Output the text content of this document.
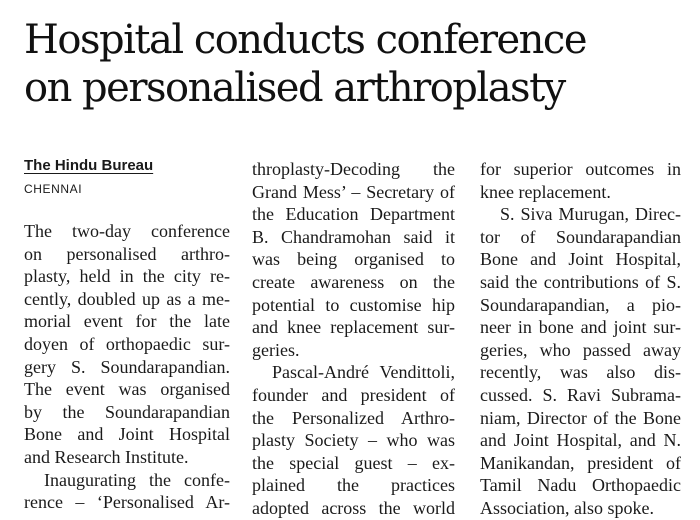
Hospital conducts conference
on personalised arthroplasty
The Hindu Bureau
CHENNAI
The two-day conference
on personalised arthro-
plasty, held in the city re-
cently, doubled up as a me-
morial event for the late
doyen of orthopaedic sur-
gery S. Soundarapandian.
The event was organised
by the Soundarapandian
Bone and Joint Hospital
and Research Institute.
Inaugurating the confe-
rence – ‘Personalised Ar-
throplasty-Decoding the
Grand Mess’ – Secretary of
the Education Department
B. Chandramohan said it
was being organised to
create awareness on the
potential to customise hip
and knee replacement sur-
geries.
Pascal-André Vendittoli,
founder and president of
the Personalized Arthro-
plasty Society – who was
the special guest – ex-
plained the practices
adopted across the world
for superior outcomes in
knee replacement.
S. Siva Murugan, Direc-
tor of Soundarapandian
Bone and Joint Hospital,
said the contributions of S.
Soundarapandian, a pio-
neer in bone and joint sur-
geries, who passed away
recently, was also dis-
cussed. S. Ravi Subrama-
niam, Director of the Bone
and Joint Hospital, and N.
Manikandan, president of
Tamil Nadu Orthopaedic
Association, also spoke.
